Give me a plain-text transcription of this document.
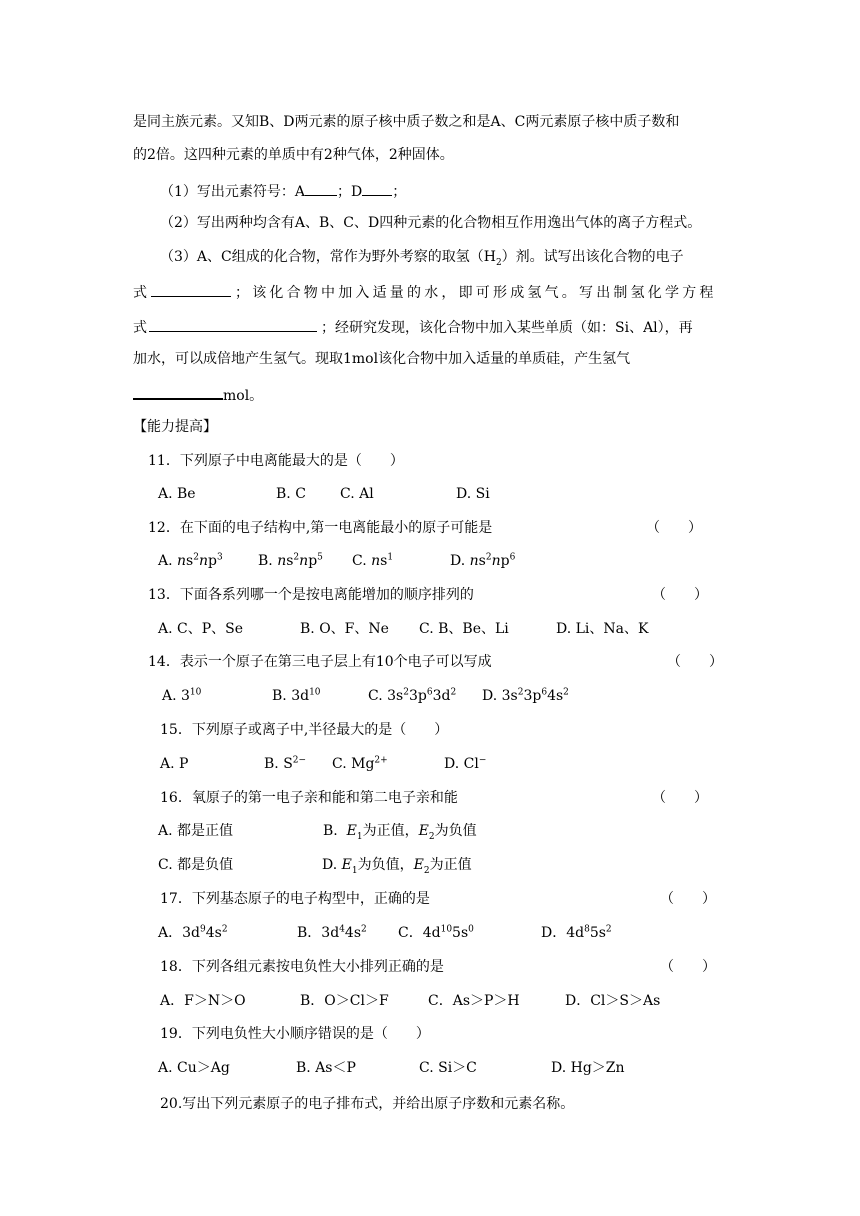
是同主族元素。又知B、D两元素的原子核中质子数之和是A、C两元素原子核中质子数和
的2倍。这四种元素的单质中有2种气体，2种固体。
（1）写出元素符号：A ；D ；
（2）写出两种均含有A、B、C、D四种元素的化合物相互作用逸出气体的离子方程式。
（3）A、C组成的化合物，常作为野外考察的取氢$(H_2)$剂。试写出该化合物的电子
式	；该化合物中加入适量的水，即可形成氢气。写出制氢化学方程
式	；经研究发现，该化合物中加入某些单质（如：Si、Al），再
加水，可以成倍地产生氢气。现取1mol该化合物中加入适量的单质硅，产生氢气
mol。
【能力提高】
11．下列原子中电离能最大的是（　　）
A. Be	B. C C. Al	D. Si
12．在下面的电子结构中,第一电离能最小的原子可能是	（　　）
A. $ns^2np^3$	B. $ns^2np^5$ C. $ns^1$	D. $ns^2np^6$
13．下面各系列哪一个是按电离能增加的顺序排列的	（　　）
A. C、P、Se	B. O、F、Ne C. B、Be、Li	D. Li、Na、K
14．表示一个原子在第三电子层上有10个电子可以写成	（　　）
A. $3^{10}$	B. $3d^{10}$	C. $3s^23p^63d^2$ D. $3s^23p^64s^2$
15．下列原子或离子中,半径最大的是（　　）
A. P	B. $S^{2-}$ C. $Mg^{2+}$	D. Cl−
16．氧原子的第一电子亲和能和第二电子亲和能	（　　）
A. 都是正值	B.  $E_1$为正值，$E_2$为负值
C. 都是负值	D. $E_1$为负值，$E_2$为正值
17．下列基态原子的电子构型中，正确的是	（　　）
A．$3d^94s^2$	B．$3d^44s^2$ C．$4d^{10}5s^0$	D．$4d^85s^2$
18．下列各组元素按电负性大小排列正确的是	（　　）
A．F＞N＞O	B．O＞Cl＞F	C．As＞P＞H	D．Cl＞S＞As
19．下列电负性大小顺序错误的是（　　）
A. Cu＞Ag	B. As＜P	C. Si＞C	D. Hg＞Zn
20.写出下列元素原子的电子排布式，并给出原子序数和元素名称。
